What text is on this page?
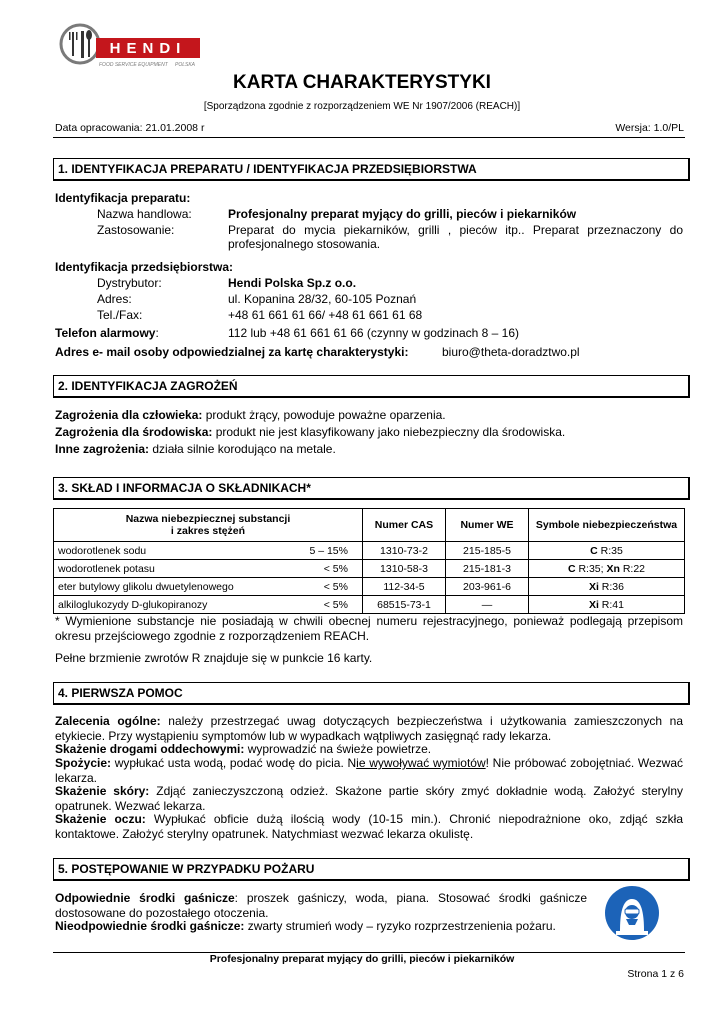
HENDI
FOOD SERVICE EQUIPMENT POLSKA
KARTA CHARAKTERYSTYKI
[Sporządzona zgodnie z rozporządzeniem WE Nr 1907/2006 (REACH)]
Data opracowania: 21.01.2008 r	Wersja: 1.0/PL
1. IDENTYFIKACJA PREPARATU / IDENTYFIKACJA PRZEDSIĘBIORSTWA
Identyfikacja preparatu:
Nazwa handlowa:	Profesjonalny preparat myjący do grilli, pieców i piekarników
Zastosowanie:	Preparat do mycia piekarników, grilli , pieców itp.. Preparat przeznaczony do
profesjonalnego stosowania.
Identyfikacja przedsiębiorstwa:
Dystrybutor:	Hendi Polska Sp.z o.o.
Adres:	ul. Kopanina 28/32, 60-105 Poznań
Tel./Fax:	+48 61 661 61 66/ +48 61 661 61 68
Telefon alarmowy:	112 lub +48 61 661 61 66 (czynny w godzinach 8 – 16)
Adres e- mail osoby odpowiedzialnej za kartę charakterystyki:	biuro@theta-doradztwo.pl
2. IDENTYFIKACJA ZAGROŻEŃ
Zagrożenia dla człowieka: produkt żrący, powoduje poważne oparzenia.
Zagrożenia dla środowiska: produkt nie jest klasyfikowany jako niebezpieczny dla środowiska.
Inne zagrożenia: działa silnie korodująco na metale.
3. SKŁAD I INFORMACJA O SKŁADNIKACH*
Nazwa niebezpiecznej substancji
i zakres stężeń		Numer CAS	Numer WE	Symbole niebezpieczeństwa
wodorotlenek sodu	5 – 15%	1310-73-2	215-185-5	C R:35
wodorotlenek potasu	< 5%	1310-58-3	215-181-3	C R:35; Xn R:22
eter butylowy glikolu dwuetylenowego	< 5%	112-34-5	203-961-6	Xi R:36
alkiloglukozydy D-glukopiranozy	< 5%	68515-73-1	—	Xi R:41
* Wymienione substancje nie posiadają w chwili obecnej numeru rejestracyjnego, ponieważ podlegają przepisom okresu przejściowego zgodnie z rozporządzeniem REACH.
Pełne brzmienie zwrotów R znajduje się w punkcie 16 karty.
4. PIERWSZA POMOC
Zalecenia ogólne: należy przestrzegać uwag dotyczących bezpieczeństwa i użytkowania zamieszczonych na etykiecie. Przy wystąpieniu symptomów lub w wypadkach wątpliwych zasięgnąć rady lekarza.
Skażenie drogami oddechowymi: wyprowadzić na świeże powietrze.
Spożycie: wypłukać usta wodą, podać wodę do picia. Nie wywoływać wymiotów! Nie próbować zobojętniać. Wezwać lekarza.
Skażenie skóry: Zdjąć zanieczyszczoną odzież. Skażone partie skóry zmyć dokładnie wodą. Założyć sterylny opatrunek. Wezwać lekarza.
Skażenie oczu: Wypłukać obficie dużą ilością wody (10-15 min.). Chronić niepodrażnione oko, zdjąć szkła kontaktowe. Założyć sterylny opatrunek. Natychmiast wezwać lekarza okulistę.
5. POSTĘPOWANIE W PRZYPADKU POŻARU
Odpowiednie środki gaśnicze: proszek gaśniczy, woda, piana. Stosować środki gaśnicze dostosowane do pozostałego otoczenia.
Nieodpowiednie środki gaśnicze: zwarty strumień wody – ryzyko rozprzestrzenienia pożaru.
Profesjonalny preparat myjący do grilli, pieców i piekarników
Strona 1 z 6
